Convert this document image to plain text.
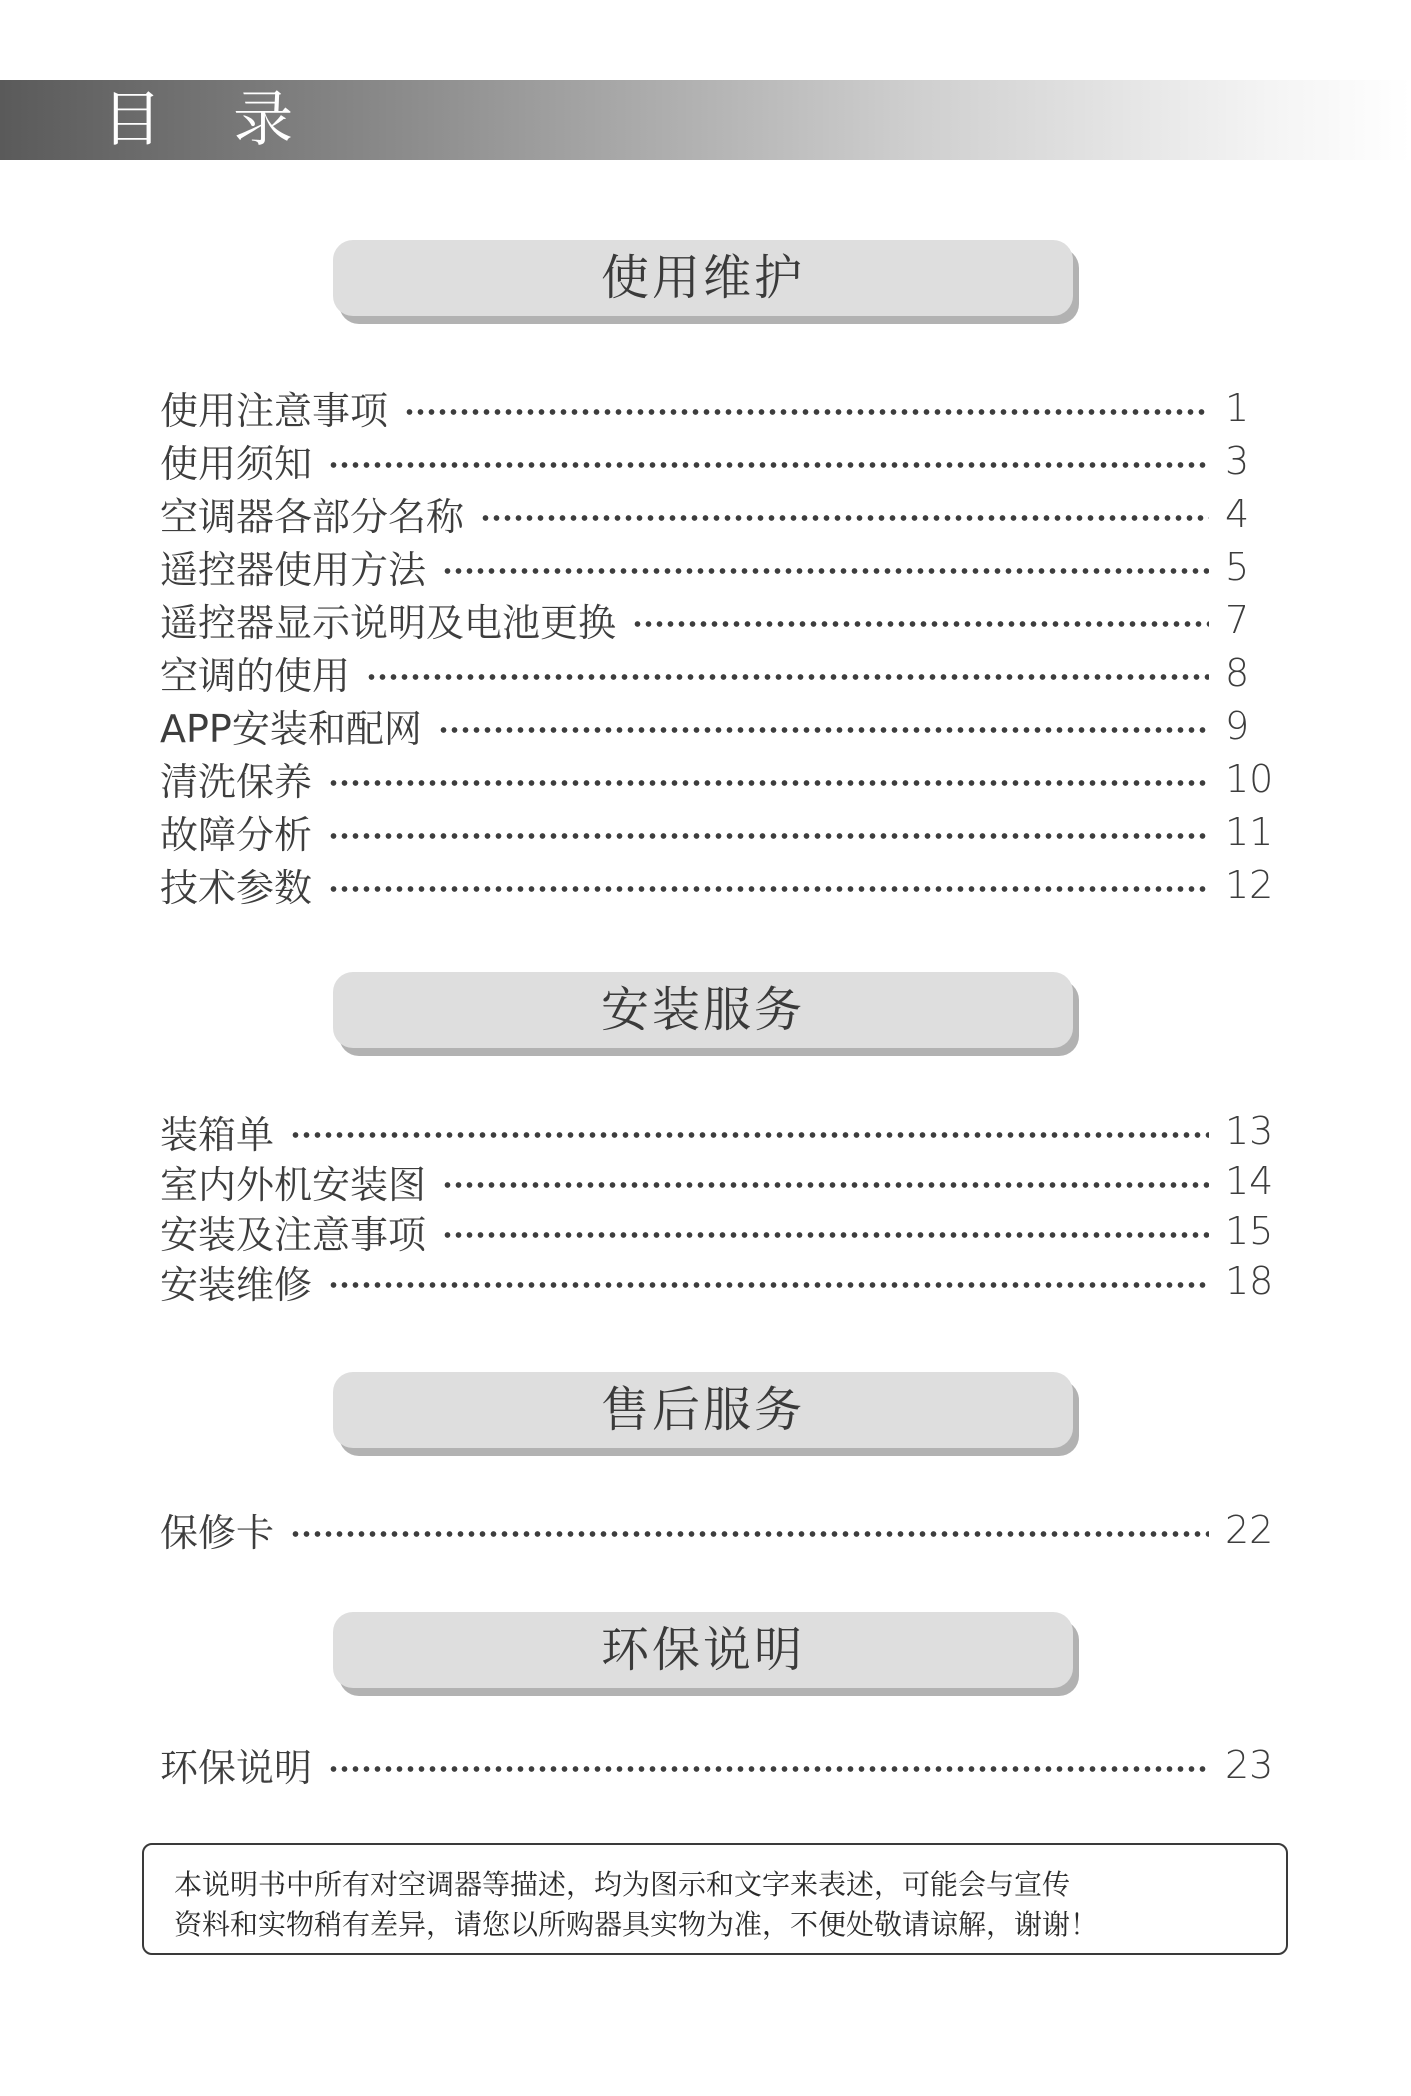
目 录
使用维护
使用注意事项	1
使用须知	3
空调器各部分名称	4
遥控器使用方法	5
遥控器显示说明及电池更换	7
空调的使用	8
APP安装和配网	9
清洗保养	10
故障分析	11
技术参数	12
安装服务
装箱单	13
室内外机安装图	14
安装及注意事项	15
安装维修	18
售后服务
保修卡	22
环保说明
环保说明	23
本说明书中所有对空调器等描述，均为图示和文字来表述，可能会与宣传
资料和实物稍有差异，请您以所购器具实物为准，不便处敬请谅解，谢谢！
